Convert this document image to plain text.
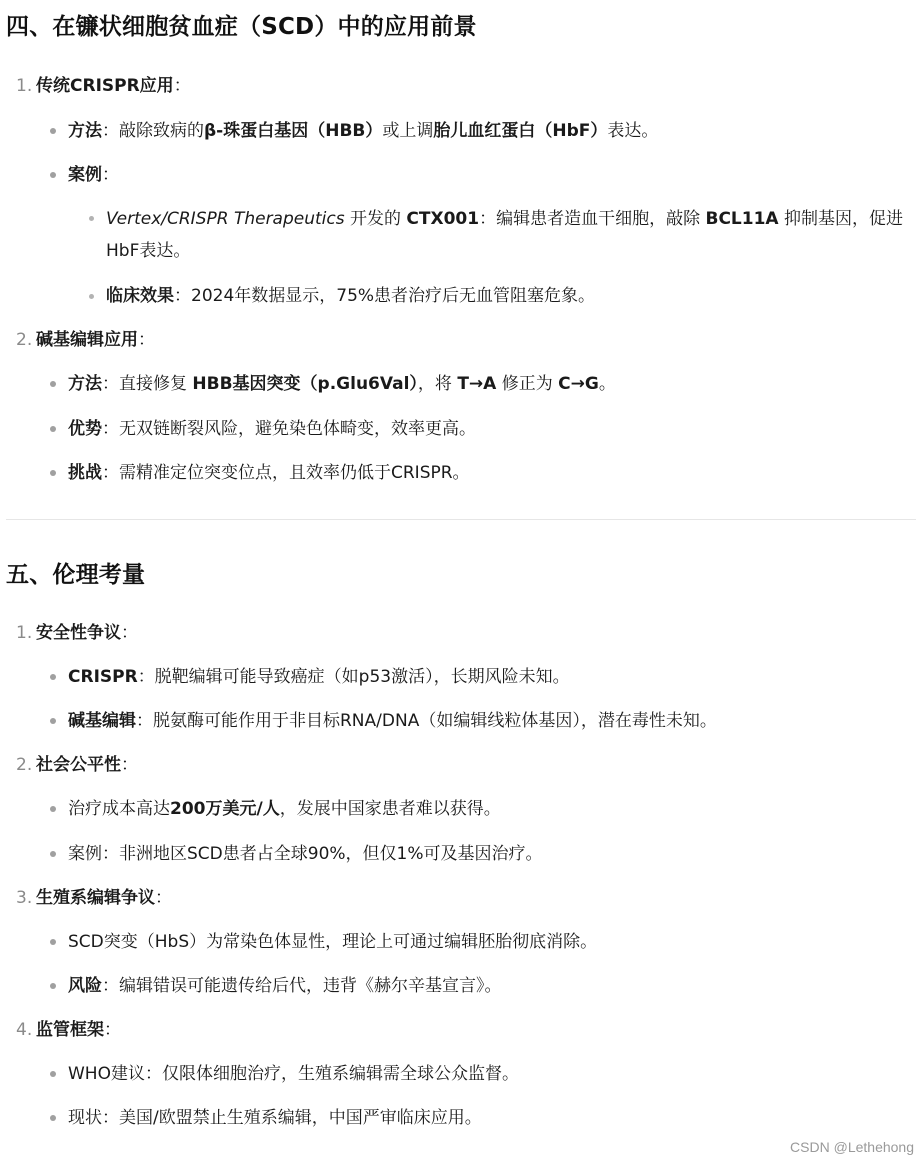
四、在镰状细胞贫血症（SCD）中的应用前景
1. 传统CRISPR应用：
方法：敲除致病的β-珠蛋白基因（HBB）或上调胎儿血红蛋白（HbF）表达。
案例：
Vertex/CRISPR Therapeutics 开发的 CTX001：编辑患者造血干细胞，敲除 BCL11A 抑制基因，促进HbF表达。
临床效果：2024年数据显示，75%患者治疗后无血管阻塞危象。
2. 碱基编辑应用：
方法：直接修复 HBB基因突变（p.Glu6Val），将 T→A 修正为 C→G。
优势：无双链断裂风险，避免染色体畸变，效率更高。
挑战：需精准定位突变位点，且效率仍低于CRISPR。
五、伦理考量
1. 安全性争议：
CRISPR：脱靶编辑可能导致癌症（如p53激活），长期风险未知。
碱基编辑：脱氨酶可能作用于非目标RNA/DNA（如编辑线粒体基因），潜在毒性未知。
2. 社会公平性：
治疗成本高达200万美元/人，发展中国家患者难以获得。
案例：非洲地区SCD患者占全球90%，但仅1%可及基因治疗。
3. 生殖系编辑争议：
SCD突变（HbS）为常染色体显性，理论上可通过编辑胚胎彻底消除。
风险：编辑错误可能遗传给后代，违背《赫尔辛基宣言》。
4. 监管框架：
WHO建议：仅限体细胞治疗，生殖系编辑需全球公众监督。
现状：美国/欧盟禁止生殖系编辑，中国严审临床应用。
CSDN @Lethehong
